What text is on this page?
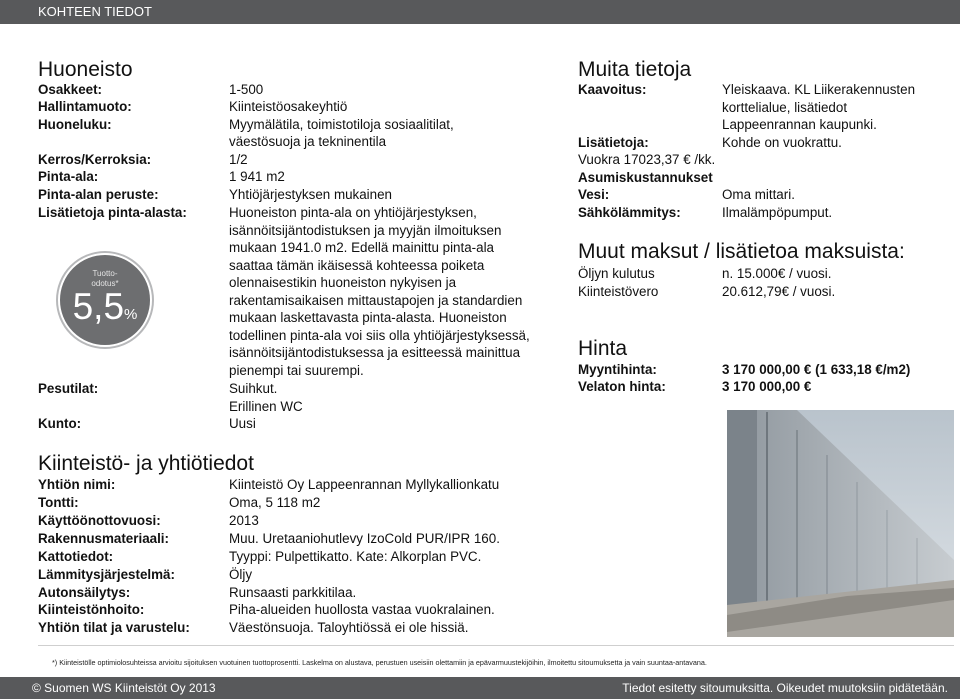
KOHTEEN TIEDOT
Huoneisto
Osakkeet:	1-500
Hallintamuoto:	Kiinteistöosakeyhtiö
Huoneluku:	Myymälätila, toimistotiloja sosiaalitilat,
väestösuoja ja tekninentila
Kerros/Kerroksia:	1/2
Pinta-ala:	1 941 m2
Pinta-alan peruste:	Yhtiöjärjestyksen mukainen
Lisätietoja pinta-alasta:	Huoneiston pinta-ala on yhtiöjärjestyksen,
isännöitsijäntodistuksen ja myyjän ilmoituksen
mukaan 1941.0 m2. Edellä mainittu pinta-ala
saattaa tämän ikäisessä kohteessa poiketa
olennaisestikin huoneiston nykyisen ja
rakentamisaikaisen mittaustapojen ja standardien
mukaan laskettavasta pinta-alasta. Huoneiston
todellinen pinta-ala voi siis olla yhtiöjärjestyksessä,
isännöitsijäntodistuksessa ja esitteessä mainittua
pienempi tai suurempi.
Pesutilat:	Suihkut.
Erillinen WC
Kunto:	Uusi
Tuotto-
odotus*
5,5%
Kiinteistö- ja yhtiötiedot
Yhtiön nimi:	Kiinteistö Oy Lappeenrannan Myllykallionkatu
Tontti:	Oma, 5 118 m2
Käyttöönottovuosi:	2013
Rakennusmateriaali:	Muu. Uretaaniohutlevy IzoCold PUR/IPR 160.
Kattotiedot:	Tyyppi: Pulpettikatto. Kate: Alkorplan PVC.
Lämmitysjärjestelmä:	Öljy
Autonsäilytys:	Runsaasti parkkitilaa.
Kiinteistönhoito:	Piha-alueiden huollosta vastaa vuokralainen.
Yhtiön tilat ja varustelu:	Väestönsuoja. Taloyhtiössä ei ole hissiä.
Muita tietoja
Kaavoitus:	Yleiskaava. KL Liikerakennusten
korttelialue, lisätiedot
Lappeenrannan kaupunki.
Lisätietoja:	Kohde on vuokrattu.
Vuokra 17023,37 € /kk.
Asumiskustannukset
Vesi:	Oma mittari.
Sähkölämmitys:	Ilmalämpöpumput.
Muut maksut / lisätietoa maksuista:
Öljyn kulutus	n. 15.000€ / vuosi.
Kiinteistövero	20.612,79€ / vuosi.
Hinta
Myyntihinta:	3 170 000,00 € (1 633,18 €/m2)
Velaton hinta:	3 170 000,00 €
*) Kiinteistölle optimiolosuhteissa arvioitu sijoituksen vuotuinen tuottoprosentti. Laskelma on alustava, perustuen useisiin olettamiin ja epävarmuustekijöihin, ilmoitettu sitoumuksetta ja vain suuntaa-antavana.
© Suomen WS Kiinteistöt Oy 2013	Tiedot esitetty sitoumuksitta. Oikeudet muutoksiin pidätetään.
